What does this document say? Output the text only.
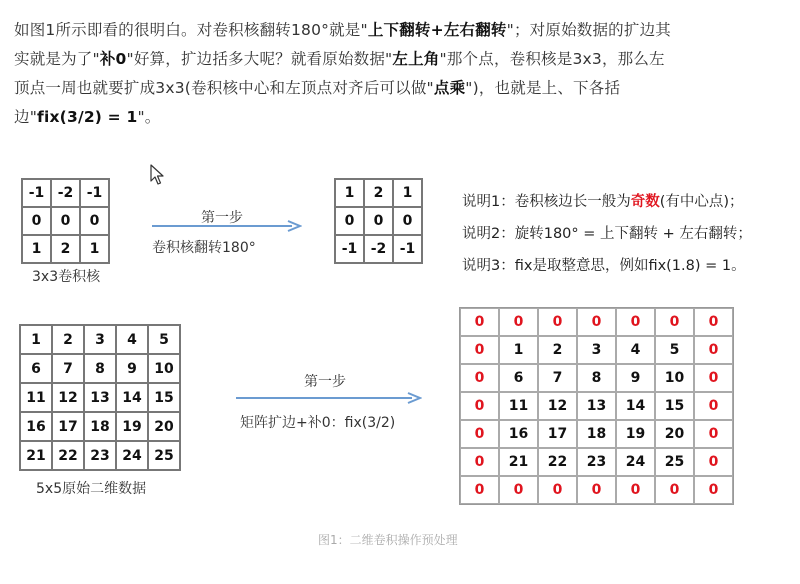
如图1所示即看的很明白。对卷积核翻转180°就是"上下翻转+左右翻转"；对原始数据的扩边其
实就是为了"补0"好算，扩边括多大呢？就看原始数据"左上角"那个点，卷积核是3x3，那么左
顶点一周也就要扩成3x3(卷积核中心和左顶点对齐后可以做"点乘")，也就是上、下各括
边"fix(3/2) = 1"。
-1	-2	-1
0	0	0
1	2	1
3x3卷积核
第一步
卷积核翻转180°
1	2	1
0	0	0
-1	-2	-1
说明1：卷积核边长一般为奇数(有中心点)；
说明2：旋转180° = 上下翻转 + 左右翻转；
说明3：fix是取整意思，例如fix(1.8) = 1。
1	2	3	4	5
6	7	8	9	10
11	12	13	14	15
16	17	18	19	20
21	22	23	24	25
5x5原始二维数据
第一步
矩阵扩边+补0：fix(3/2)
0	0	0	0	0	0	0
0	1	2	3	4	5	0
0	6	7	8	9	10	0
0	11	12	13	14	15	0
0	16	17	18	19	20	0
0	21	22	23	24	25	0
0	0	0	0	0	0	0
图1：二维卷积操作预处理
